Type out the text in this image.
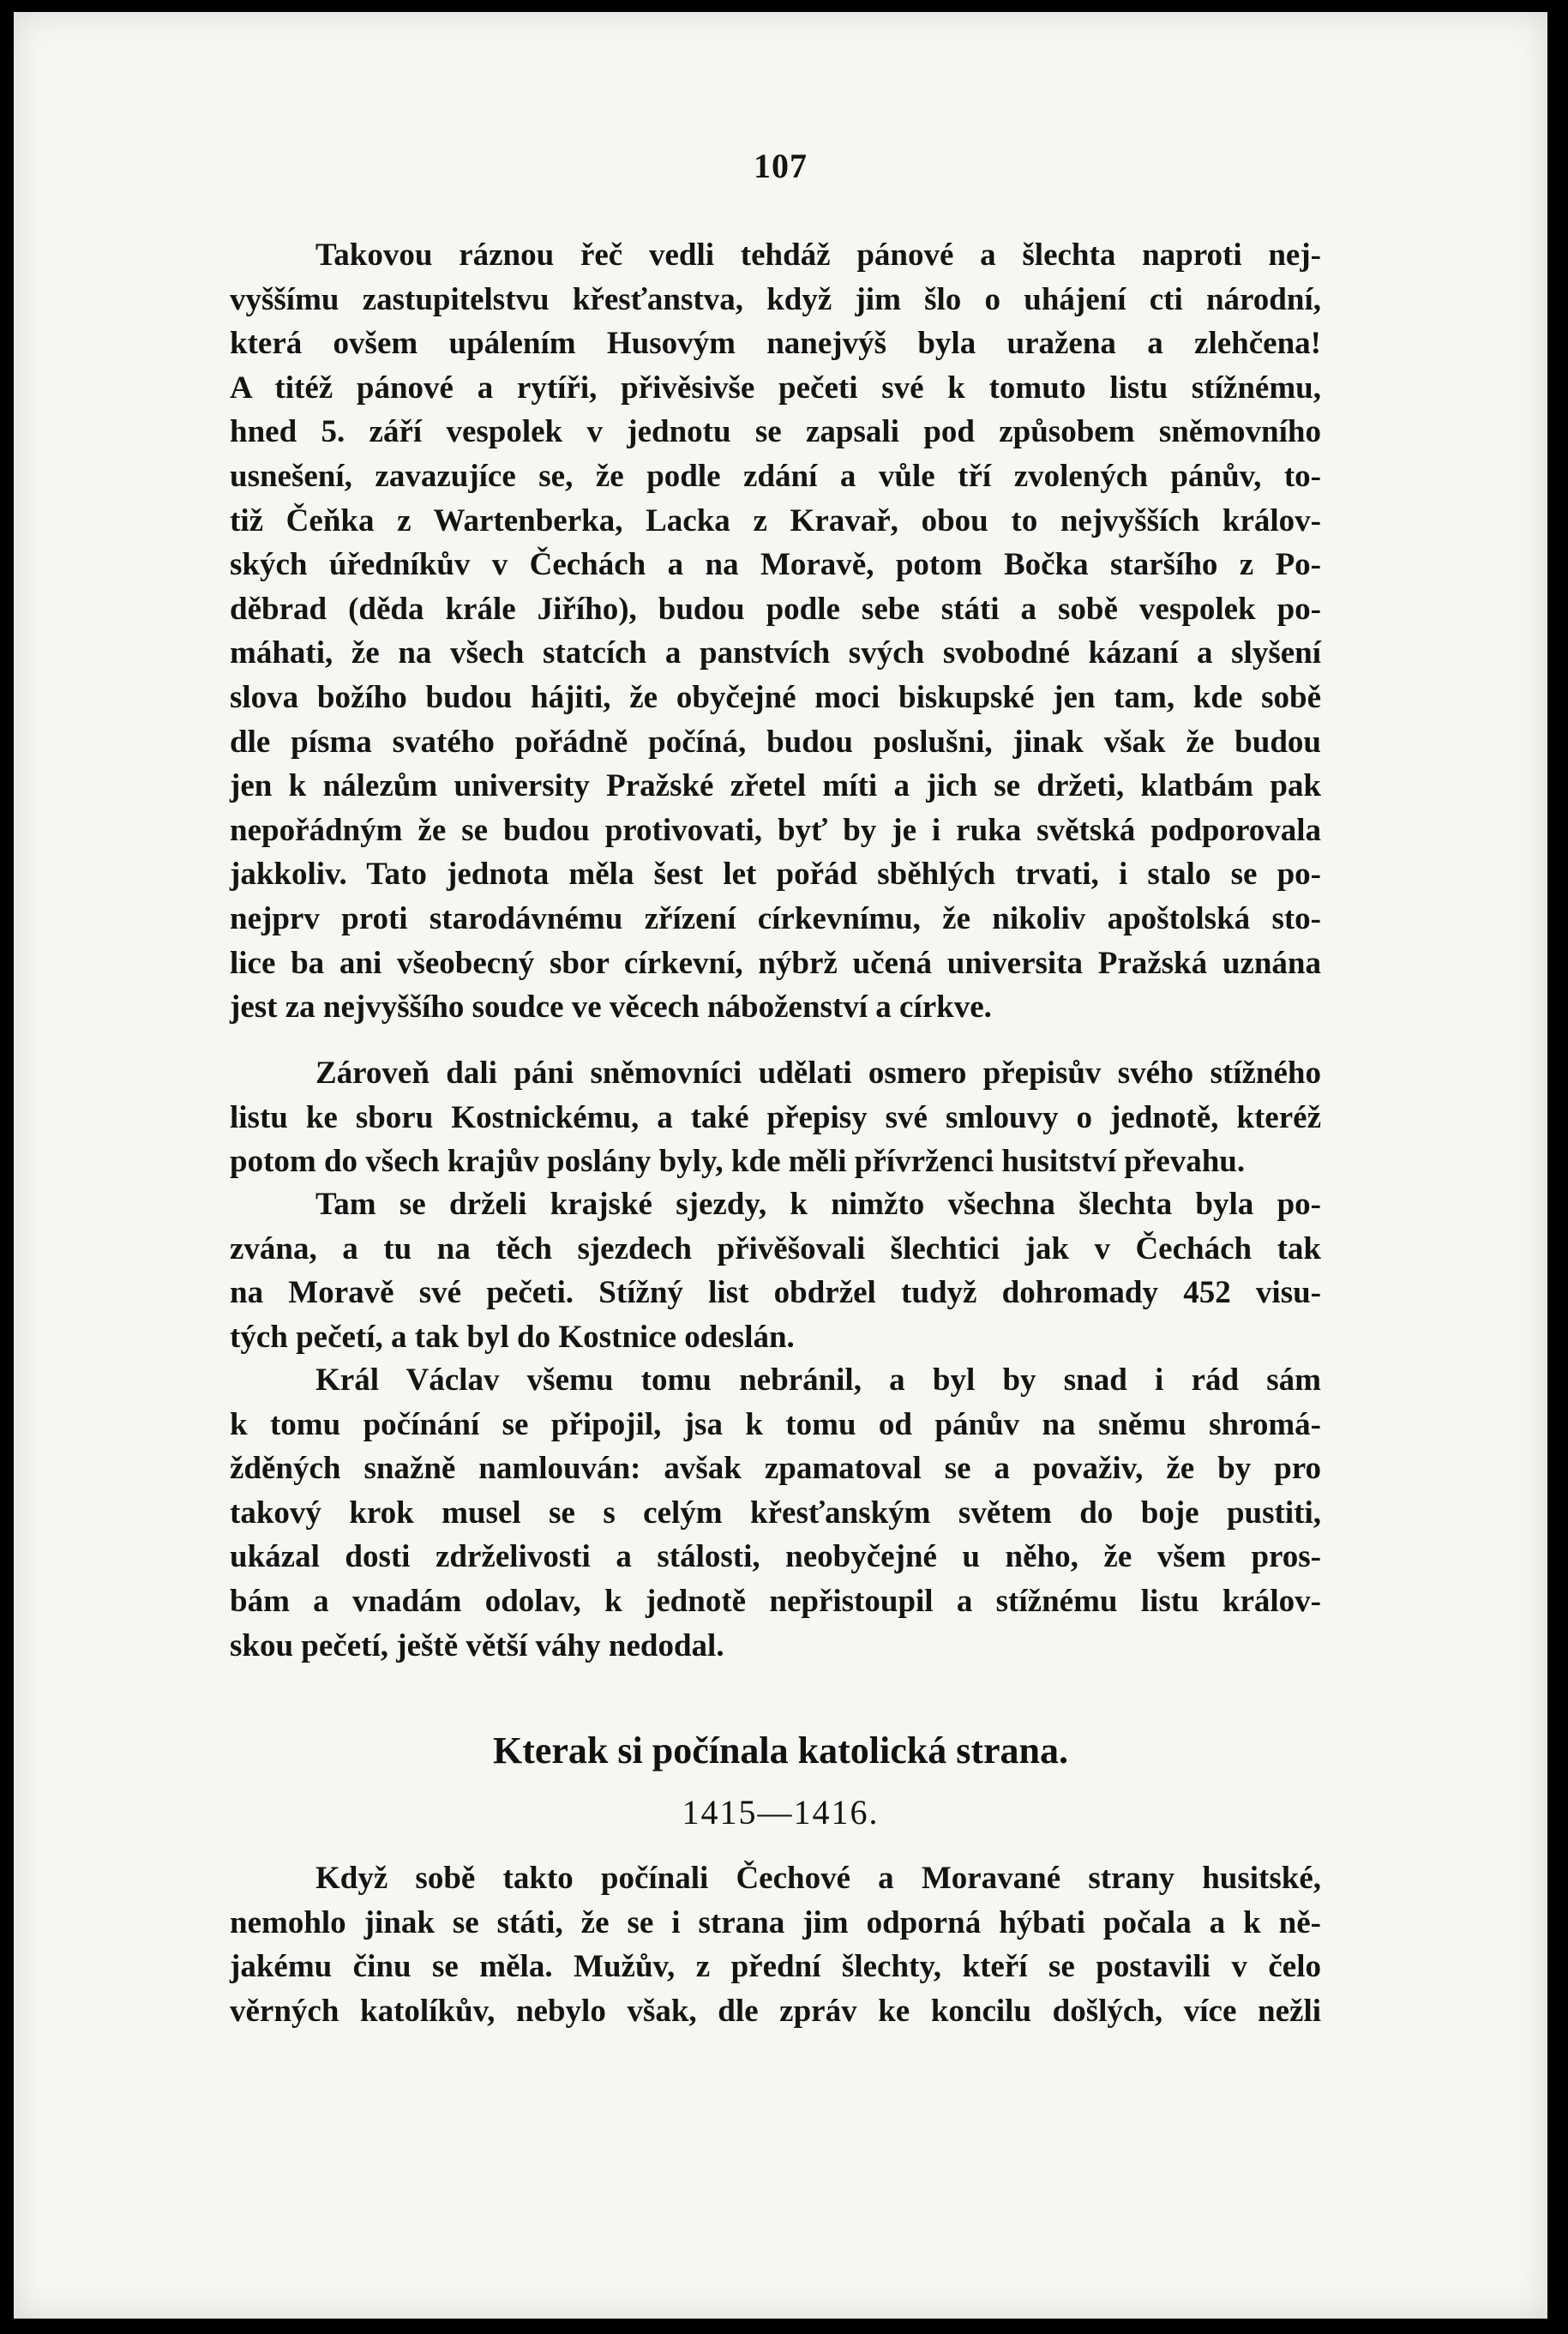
107
Takovou ráznou řeč vedli tehdáž pánové a šlechta naproti nej-
vyššímu zastupitelstvu křesťanstva, když jim šlo o uhájení cti národní,
která ovšem upálením Husovým nanejvýš byla uražena a zlehčena!
A titéž pánové a rytíři, přivěsivše pečeti své k tomuto listu stížnému,
hned 5. září vespolek v jednotu se zapsali pod způsobem sněmovního
usnešení, zavazujíce se, že podle zdání a vůle tří zvolených pánův, to-
tiž Čeňka z Wartenberka, Lacka z Kravař, obou to nejvyšších králov-
ských úředníkův v Čechách a na Moravě, potom Bočka staršího z Po-
děbrad (děda krále Jiřího), budou podle sebe státi a sobě vespolek po-
máhati, že na všech statcích a panstvích svých svobodné kázaní a slyšení
slova božího budou hájiti, že obyčejné moci biskupské jen tam, kde sobě
dle písma svatého pořádně počíná, budou poslušni, jinak však že budou
jen k nálezům university Pražské zřetel míti a jich se držeti, klatbám pak
nepořádným že se budou protivovati, byť by je i ruka světská podporovala
jakkoliv. Tato jednota měla šest let pořád sběhlých trvati, i stalo se po-
nejprv proti starodávnému zřízení církevnímu, že nikoliv apoštolská sto-
lice ba ani všeobecný sbor církevní, nýbrž učená universita Pražská uznána
jest za nejvyššího soudce ve věcech náboženství a církve.
Zároveň dali páni sněmovníci udělati osmero přepisův svého stížného
listu ke sboru Kostnickému, a také přepisy své smlouvy o jednotě, kteréž
potom do všech krajův poslány byly, kde měli přívrženci husitství převahu.
Tam se drželi krajské sjezdy, k nimžto všechna šlechta byla po-
zvána, a tu na těch sjezdech přivěšovali šlechtici jak v Čechách tak
na Moravě své pečeti. Stížný list obdržel tudyž dohromady 452 visu-
tých pečetí, a tak byl do Kostnice odeslán.
Král Václav všemu tomu nebránil, a byl by snad i rád sám
k tomu počínání se připojil, jsa k tomu od pánův na sněmu shromá-
žděných snažně namlouván: avšak zpamatoval se a považiv, že by pro
takový krok musel se s celým křesťanským světem do boje pustiti,
ukázal dosti zdrželivosti a stálosti, neobyčejné u něho, že všem pros-
bám a vnadám odolav, k jednotě nepřistoupil a stížnému listu králov-
skou pečetí, ještě větší váhy nedodal.
Kterak si počínala katolická strana.
1415—1416.
Když sobě takto počínali Čechové a Moravané strany husitské,
nemohlo jinak se státi, že se i strana jim odporná hýbati počala a k ně-
jakému činu se měla. Mužův, z přední šlechty, kteří se postavili v čelo
věrných katolíkův, nebylo však, dle zpráv ke koncilu došlých, více nežli
